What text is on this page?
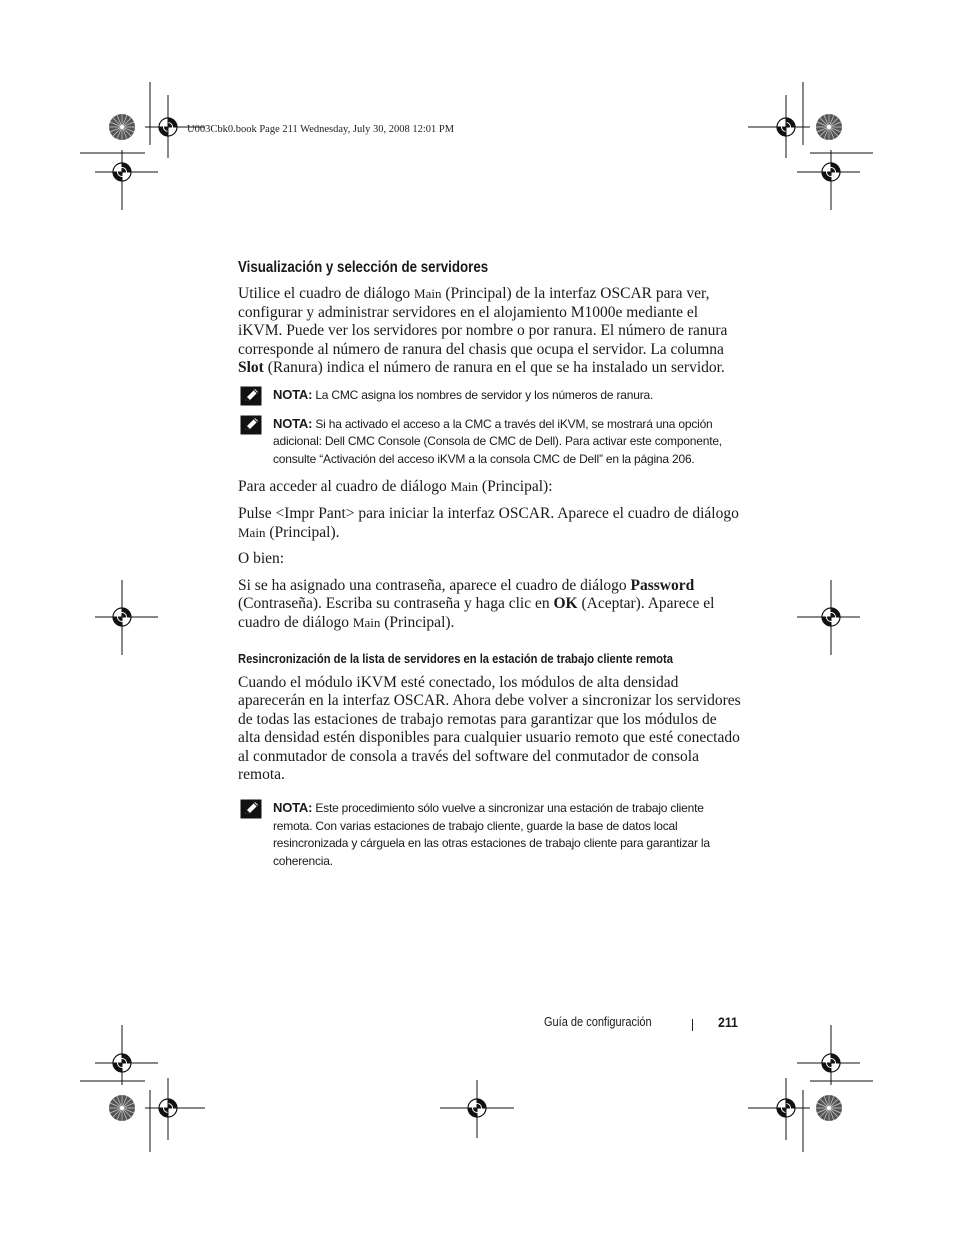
U003Cbk0.book Page 211 Wednesday, July 30, 2008 12:01 PM
Visualización y selección de servidores

Utilice el cuadro de diálogo Main (Principal) de la interfaz OSCAR para ver, configurar y administrar servidores en el alojamiento M1000e mediante el iKVM. Puede ver los servidores por nombre o por ranura. El número de ranura corresponde al número de ranura del chasis que ocupa el servidor. La columna Slot (Ranura) indica el número de ranura en el que se ha instalado un servidor.

NOTA: La CMC asigna los nombres de servidor y los números de ranura.
NOTA: Si ha activado el acceso a la CMC a través del iKVM, se mostrará una opción adicional: Dell CMC Console (Consola de CMC de Dell). Para activar este componente, consulte “Activación del acceso iKVM a la consola CMC de Dell” en la página 206.

Para acceder al cuadro de diálogo Main (Principal):

Pulse <Impr Pant> para iniciar la interfaz OSCAR. Aparece el cuadro de diálogo Main (Principal).

O bien:

Si se ha asignado una contraseña, aparece el cuadro de diálogo Password (Contraseña). Escriba su contraseña y haga clic en OK (Aceptar). Aparece el cuadro de diálogo Main (Principal).

Resincronización de la lista de servidores en la estación de trabajo cliente remota

Cuando el módulo iKVM esté conectado, los módulos de alta densidad aparecerán en la interfaz OSCAR. Ahora debe volver a sincronizar los servidores de todas las estaciones de trabajo remotas para garantizar que los módulos de alta densidad estén disponibles para cualquier usuario remoto que esté conectado al conmutador de consola a través del software del conmutador de consola remota.

NOTA: Este procedimiento sólo vuelve a sincronizar una estación de trabajo cliente remota. Con varias estaciones de trabajo cliente, guarde la base de datos local resincronizada y cárguela en las otras estaciones de trabajo cliente para garantizar la coherencia.
Guía de configuración	211
